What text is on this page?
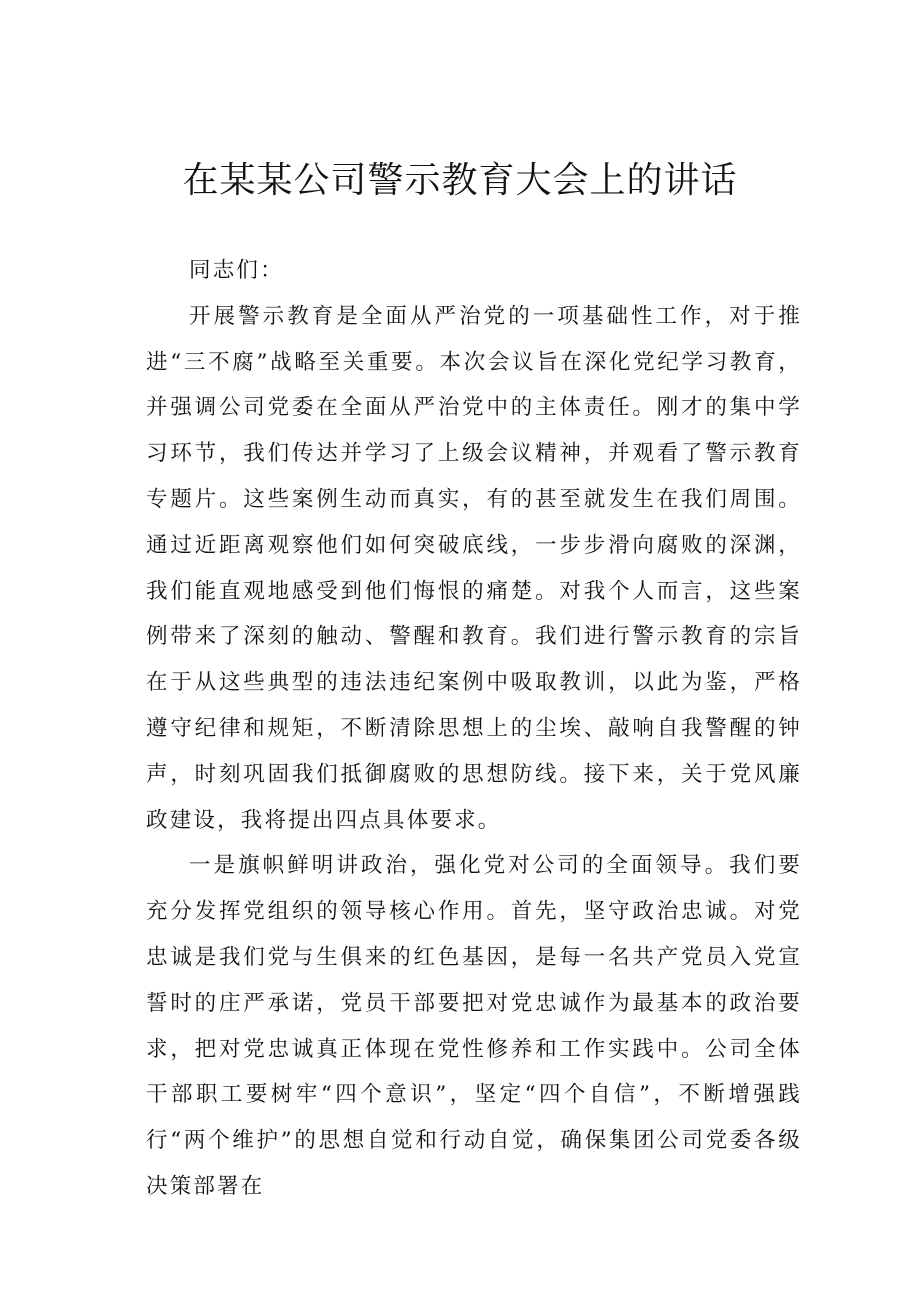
在某某公司警示教育大会上的讲话

同志们：

开展警示教育是全面从严治党的一项基础性工作，对于推进“三不腐”战略至关重要。本次会议旨在深化党纪学习教育，并强调公司党委在全面从严治党中的主体责任。刚才的集中学习环节，我们传达并学习了上级会议精神，并观看了警示教育专题片。这些案例生动而真实，有的甚至就发生在我们周围。通过近距离观察他们如何突破底线，一步步滑向腐败的深渊，我们能直观地感受到他们悔恨的痛楚。对我个人而言，这些案例带来了深刻的触动、警醒和教育。我们进行警示教育的宗旨在于从这些典型的违法违纪案例中吸取教训，以此为鉴，严格遵守纪律和规矩，不断清除思想上的尘埃、敲响自我警醒的钟声，时刻巩固我们抵御腐败的思想防线。接下来，关于党风廉政建设，我将提出四点具体要求。

一是旗帜鲜明讲政治，强化党对公司的全面领导。我们要充分发挥党组织的领导核心作用。首先，坚守政治忠诚。对党忠诚是我们党与生俱来的红色基因，是每一名共产党员入党宣誓时的庄严承诺，党员干部要把对党忠诚作为最基本的政治要求，把对党忠诚真正体现在党性修养和工作实践中。公司全体干部职工要树牢“四个意识”，坚定“四个自信”，不断增强践行“两个维护”的思想自觉和行动自觉，确保集团公司党委各级决策部署在
